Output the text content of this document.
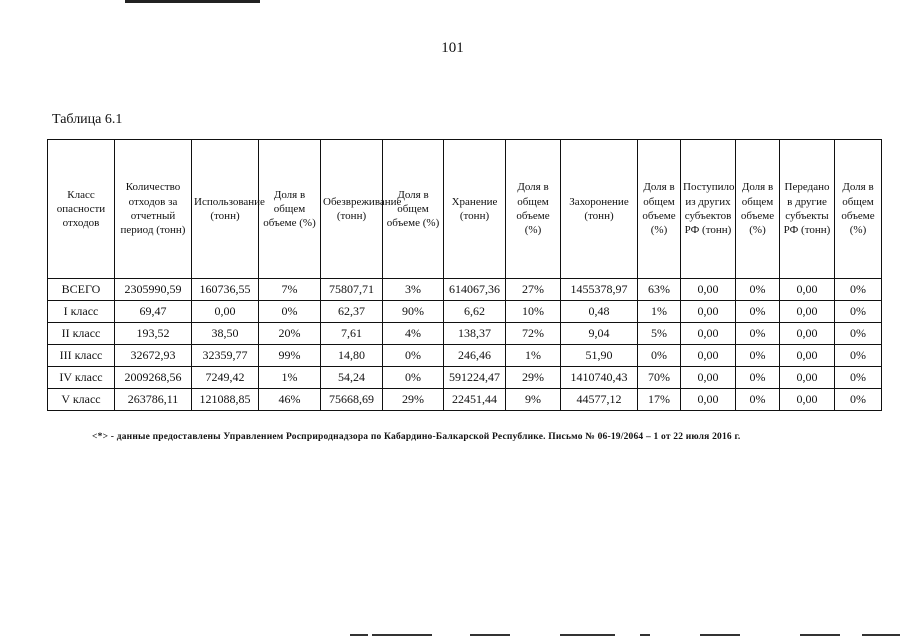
101
Таблица 6.1
Класс опасности отходов	Количество отходов за отчетный период (тонн)	Использование (тонн)	Доля в общем объеме (%)	Обезвреживание (тонн)	Доля в общем объеме (%)	Хранение (тонн)	Доля в общем объеме (%)	Захоронение (тонн)	Доля в общем объеме (%)	Поступило из других субъектов РФ (тонн)	Доля в общем объеме (%)	Передано в другие субъекты РФ (тонн)	Доля в общем объеме (%)
ВСЕГО	2305990,59	160736,55	7%	75807,71	3%	614067,36	27%	1455378,97	63%	0,00	0%	0,00	0%
I класс	69,47	0,00	0%	62,37	90%	6,62	10%	0,48	1%	0,00	0%	0,00	0%
II класс	193,52	38,50	20%	7,61	4%	138,37	72%	9,04	5%	0,00	0%	0,00	0%
III класс	32672,93	32359,77	99%	14,80	0%	246,46	1%	51,90	0%	0,00	0%	0,00	0%
IV класс	2009268,56	7249,42	1%	54,24	0%	591224,47	29%	1410740,43	70%	0,00	0%	0,00	0%
V класс	263786,11	121088,85	46%	75668,69	29%	22451,44	9%	44577,12	17%	0,00	0%	0,00	0%
<*> - данные предоставлены Управлением Росприроднадзора по Кабардино-Балкарской Республике. Письмо № 06-19/2064 – 1 от 22 июля 2016 г.
